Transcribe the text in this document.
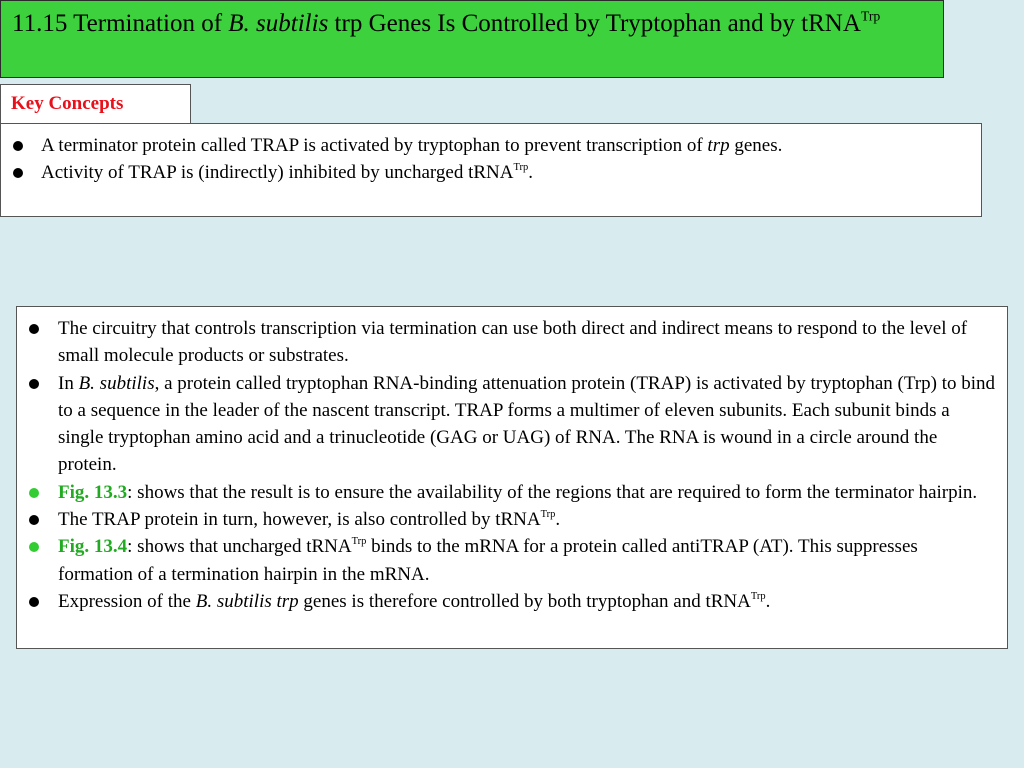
11.15 Termination of B. subtilis trp Genes Is Controlled by Tryptophan and by tRNA$^{Trp}$
Key Concepts
A terminator protein called TRAP is activated by tryptophan to prevent transcription of trp genes.
Activity of TRAP is (indirectly) inhibited by uncharged tRNA$^{Trp}$.
The circuitry that controls transcription via termination can use both direct and indirect means to respond to the level of small molecule products or substrates.
In B. subtilis, a protein called tryptophan RNA-binding attenuation protein (TRAP) is activated by tryptophan (Trp) to bind to a sequence in the leader of the nascent transcript. TRAP forms a multimer of eleven subunits. Each subunit binds a single tryptophan amino acid and a trinucleotide (GAG or UAG) of RNA. The RNA is wound in a circle around the protein.
Fig. 13.3: shows that the result is to ensure the availability of the regions that are required to form the terminator hairpin.
The TRAP protein in turn, however, is also controlled by tRNA$^{Trp}$.
Fig. 13.4: shows that uncharged tRNA$^{Trp}$ binds to the mRNA for a protein called antiTRAP (AT). This suppresses formation of a termination hairpin in the mRNA.
Expression of the B. subtilis trp genes is therefore controlled by both tryptophan and tRNA$^{Trp}$.
